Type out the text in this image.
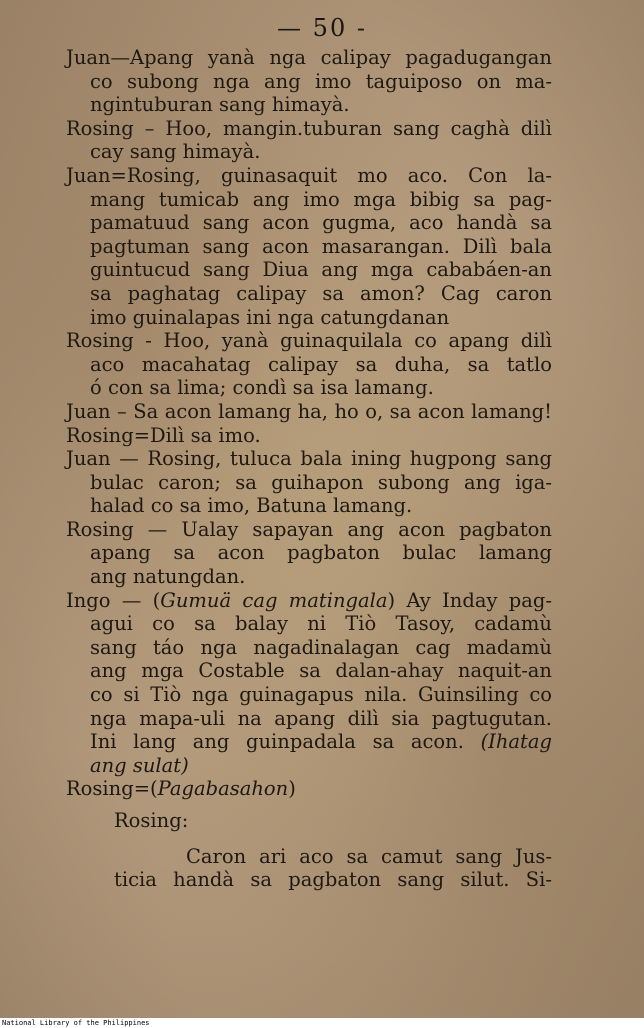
— 50 -
Juan—Apang yanà nga calipay pagadugangan
co subong nga ang imo taguiposo on ma-
ngintuburan sang himayà.
Rosing – Hoo, mangin.tuburan sang caghà dilì
cay sang himayà.
Juan=Rosing, guinasaquit mo aco. Con la-
mang tumicab ang imo mga bibig sa pag-
pamatuud sang acon gugma, aco handà sa
pagtuman sang acon masarangan. Dilì bala
guintucud sang Diua ang mga cababáen-an
sa paghatag calipay sa amon? Cag caron
imo guinalapas ini nga catungdanan
Rosing - Hoo, yanà guinaquilala co apang dilì
aco macahatag calipay sa duha, sa tatlo
ó con sa lima; condì sa isa lamang.
Juan – Sa acon lamang ha, ho o, sa acon lamang!
Rosing=Dilì sa imo.
Juan — Rosing, tuluca bala ining hugpong sang
bulac caron; sa guihapon subong ang iga-
halad co sa imo, Batuna lamang.
Rosing — Ualay sapayan ang acon pagbaton
apang sa acon pagbaton bulac lamang
ang natungdan.
Ingo — (Gumuä cag matingala) Ay Inday pag-
agui co sa balay ni Tiò Tasoy, cadamù
sang táo nga nagadinalagan cag madamù
ang mga Costable sa dalan-ahay naquit-an
co si Tiò nga guinagapus nila. Guinsiling co
nga mapa-uli na apang dilì sia pagtugutan.
Ini lang ang guinpadala sa acon. (Ihatag
ang sulat)
Rosing=(Pagabasahon)
Rosing:
Caron ari aco sa camut sang Jus-
ticia handà sa pagbaton sang silut. Si-
National Library of the Philippines
